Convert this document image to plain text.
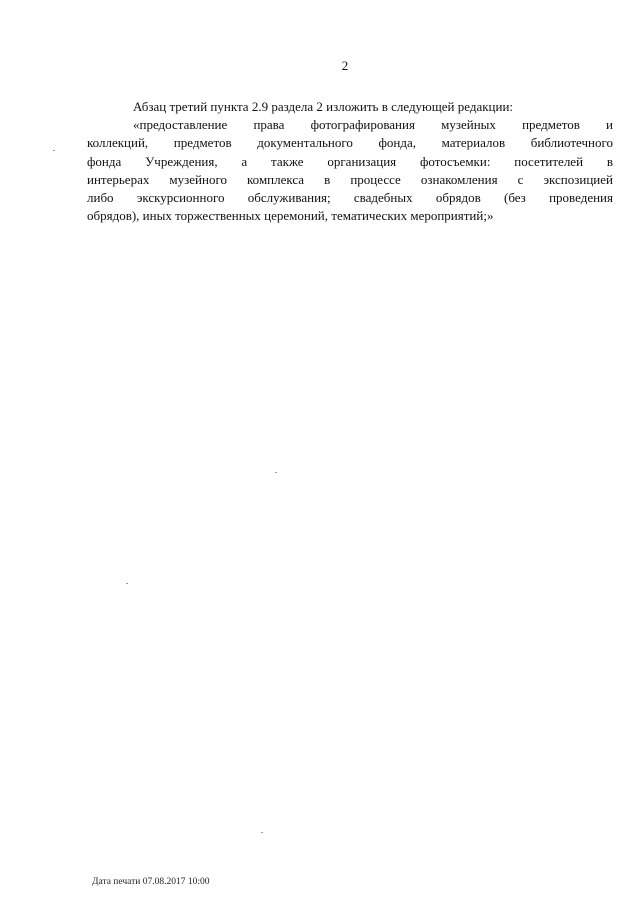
2

Абзац третий пункта 2.9 раздела 2 изложить в следующей редакции:

«предоставление права фотографирования музейных предметов и
коллекций, предметов документального фонда, материалов библиотечного
фонда Учреждения, а также организация фотосъемки: посетителей в
интерьерах музейного комплекса в процессе ознакомления с экспозицией
либо экскурсионного обслуживания; свадебных обрядов (без проведения
обрядов), иных торжественных церемоний, тематических мероприятий;»
Дата печати 07.08.2017 10:00
